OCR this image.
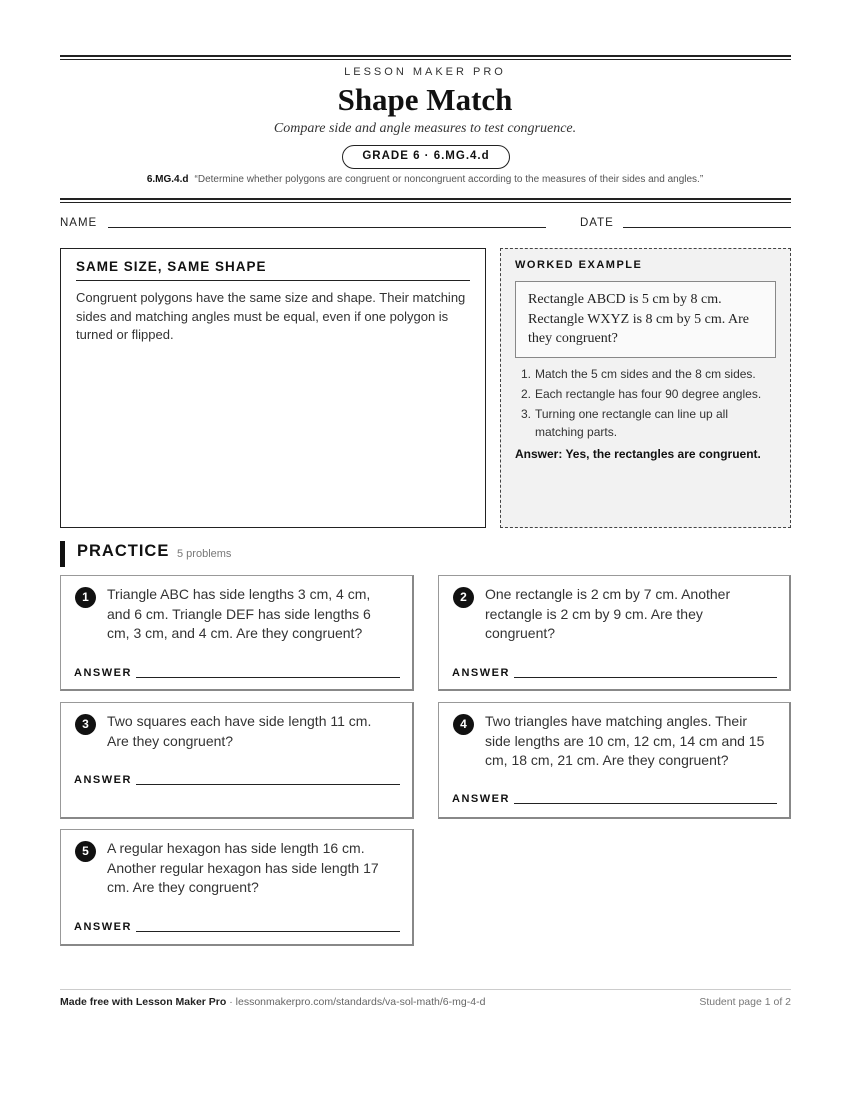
LESSON MAKER PRO
Shape Match
Compare side and angle measures to test congruence.
GRADE 6 · 6.MG.4.d
6.MG.4.d “Determine whether polygons are congruent or noncongruent according to the measures of their sides and angles.”
NAME	DATE
SAME SIZE, SAME SHAPE
Congruent polygons have the same size and shape. Their matching sides and matching angles must be equal, even if one polygon is turned or flipped.
WORKED EXAMPLE
Rectangle ABCD is 5 cm by 8 cm. Rectangle WXYZ is 8 cm by 5 cm. Are they congruent?
1. Match the 5 cm sides and the 8 cm sides.
2. Each rectangle has four 90 degree angles.
3. Turning one rectangle can line up all matching parts.
Answer: Yes, the rectangles are congruent.
PRACTICE 5 problems
1	Triangle ABC has side lengths 3 cm, 4 cm, and 6 cm. Triangle DEF has side lengths 6 cm, 3 cm, and 4 cm. Are they congruent?
ANSWER
2	One rectangle is 2 cm by 7 cm. Another rectangle is 2 cm by 9 cm. Are they congruent?
ANSWER
3	Two squares each have side length 11 cm. Are they congruent?
ANSWER
4	Two triangles have matching angles. Their side lengths are 10 cm, 12 cm, 14 cm and 15 cm, 18 cm, 21 cm. Are they congruent?
ANSWER
5	A regular hexagon has side length 16 cm. Another regular hexagon has side length 17 cm. Are they congruent?
ANSWER
Made free with Lesson Maker Pro · lessonmakerpro.com/standards/va-sol-math/6-mg-4-d	Student page 1 of 2
